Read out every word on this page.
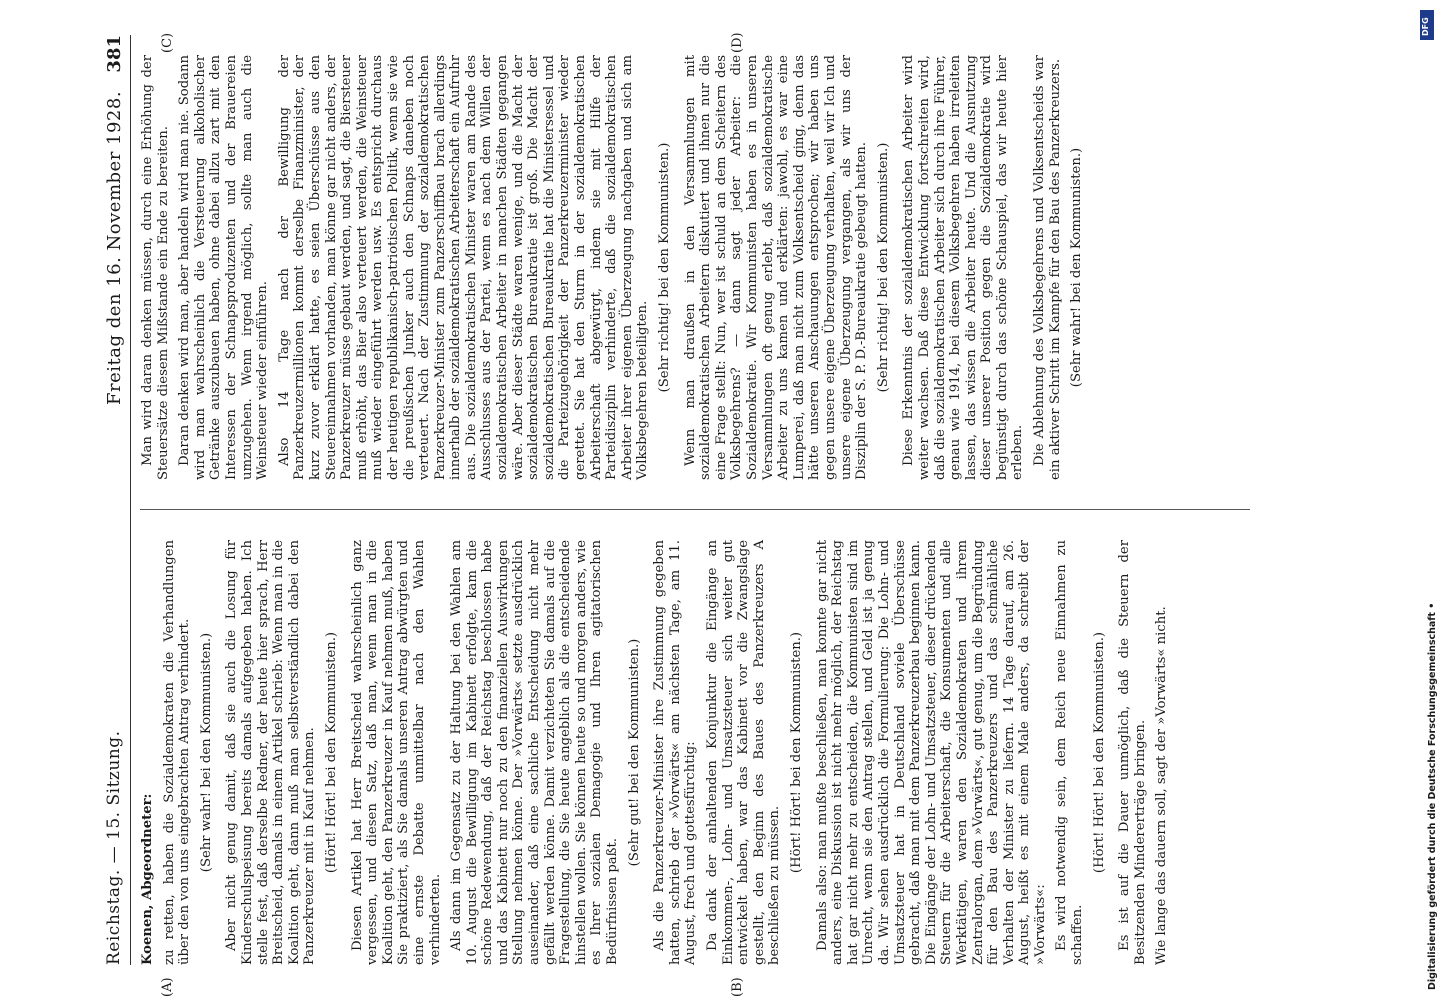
Reichstag. — 15. Sitzung.
Freitag den 16. November 1928.
381
(A)	(B)
(C)	(D)

Koenen, Abgeordneter: zu retten, haben die Sozialdemokraten die Verhandlungen über den von uns eingebrachten Antrag verhindert. (Sehr wahr! bei den Kommunisten.) Aber nicht genug damit, daß sie auch die Losung für Kinderschulspeisung bereits damals aufgegeben haben. Ich stelle fest, daß derselbe Redner, der heute hier sprach, Herr Breitscheid, damals in einem Artikel schrieb: Wenn man in die Koalition geht, dann muß man selbstverständlich dabei den Panzerkreuzer mit in Kauf nehmen. (Hört! Hört! bei den Kommunisten.) Diesen Artikel hat Herr Breitscheid wahrscheinlich ganz vergessen, und diesen Satz, daß man, wenn man in die Koalition geht, den Panzerkreuzer in Kauf nehmen muß, haben Sie praktiziert, als Sie damals unseren Antrag abwürgten und eine ernste Debatte unmittelbar nach den Wahlen verhinderten. Als dann im Gegensatz zu der Haltung bei den Wahlen am 10. August die Bewilligung im Kabinett erfolgte, kam die schöne Redewendung, daß der Reichstag beschlossen habe und das Kabinett nur noch zu den finanziellen Auswirkungen Stellung nehmen könne. Der »Vorwärts« setzte ausdrücklich auseinander, daß eine sachliche Entscheidung nicht mehr gefällt werden könne. Damit verzichteten Sie damals auf die Fragestellung, die Sie heute angeblich als die entscheidende hinstellen wollen. Sie können heute so und morgen anders, wie es Ihrer sozialen Demagogie und Ihren agitatorischen Bedürfnissen paßt.

(Sehr gut! bei den Kommunisten.) Als die Panzerkreuzer-Minister ihre Zustimmung gegeben hatten, schrieb der »Vorwärts« am nächsten Tage, am 11. August, frech und gottesfürchtig: Da dank der anhaltenden Konjunktur die Eingänge an Einkommen-, Lohn- und Umsatzsteuer sich weiter gut entwickelt haben, war das Kabinett vor die Zwangslage gestellt, den Beginn des Baues des Panzerkreuzers A beschließen zu müssen.

(Hört! Hört! bei den Kommunisten.) Damals also: man mußte beschließen, man konnte gar nicht anders, eine Diskussion ist nicht mehr möglich, der Reichstag hat gar nicht mehr zu entscheiden, die Kommunisten sind im Unrecht, wenn sie den Antrag stellen, und Geld ist ja genug da. Wir sehen ausdrücklich die Formulierung: Die Lohn- und Umsatzsteuer hat in Deutschland soviele Überschüsse gebracht, daß man mit dem Panzerkreuzerbau beginnen kann. Die Eingänge der Lohn- und Umsatzsteuer, dieser drückenden Steuern für die Arbeiterschaft, die Konsumenten und alle Werktätigen, waren den Sozialdemokraten und ihrem Zentralorgan, dem »Vorwärts«, gut genug, um die Begründung für den Bau des Panzerkreuzers und das schmähliche Verhalten der Minister zu liefern. 14 Tage darauf, am 26. August, heißt es mit einem Male anders, da schreibt der »Vorwärts«: Es wird notwendig sein, dem Reich neue Einnahmen zu schaffen.

(Hört! Hört! bei den Kommunisten.) Es ist auf die Dauer unmöglich, daß die Steuern der Besitzenden Mindererträge bringen. Wie lange das dauern soll, sagt der »Vorwärts« nicht.

Man wird daran denken müssen, durch eine Erhöhung der Steuersätze diesem Mißstande ein Ende zu bereiten. Daran denken wird man, aber handeln wird man nie. Sodann wird man wahrscheinlich die Versteuerung alkoholischer Getränke auszubauen haben, ohne dabei allzu zart mit den Interessen der Schnapsproduzenten und der Brauereien umzugehen. Wenn irgend möglich, sollte man auch die Weinsteuer wieder einführen. Also 14 Tage nach der Bewilligung der Panzerkreuzermillionen kommt derselbe Finanzminister, der kurz zuvor erklärt hatte, es seien Überschüsse aus den Steuereinnahmen vorhanden, man könne gar nicht anders, der Panzerkreuzer müsse gebaut werden, und sagt, die Biersteuer muß erhöht, das Bier also verteuert werden, die Weinsteuer muß wieder eingeführt werden usw. Es entspricht durchaus der heutigen republikanisch-patriotischen Politik, wenn sie wie die preußischen Junker auch den Schnaps daneben noch verteuert. Nach der Zustimmung der sozialdemokratischen Panzerkreuzer-Minister zum Panzerschiffbau brach allerdings innerhalb der sozialdemokratischen Arbeiterschaft ein Aufruhr aus. Die sozialdemokratischen Minister waren am Rande des Ausschlusses aus der Partei, wenn es nach dem Willen der sozialdemokratischen Arbeiter in manchen Städten gegangen wäre. Aber dieser Städte waren wenige, und die Macht der sozialdemokratischen Bureaukratie ist groß. Die Macht der sozialdemokratischen Bureaukratie hat die Ministersessel und die Parteizugehörigkeit der Panzerkreuzerminister wieder gerettet. Sie hat den Sturm in der sozialdemokratischen Arbeiterschaft abgewürgt, indem sie mit Hilfe der Parteidisziplin verhinderte, daß die sozialdemokratischen Arbeiter ihrer eigenen Überzeugung nachgaben und sich am Volksbegehren beteiligten. (Sehr richtig! bei den Kommunisten.) Wenn man draußen in den Versammlungen mit sozialdemokratischen Arbeitern diskutiert und ihnen nur die eine Frage stellt: Nun, wer ist schuld an dem Scheitern des Volksbegehrens? — dann sagt jeder Arbeiter: die Sozialdemokratie. Wir Kommunisten haben es in unseren Versammlungen oft genug erlebt, daß sozialdemokratische Arbeiter zu uns kamen und erklärten: jawohl, es war eine Lumperei, daß man nicht zum Volksentscheid ging, denn das hätte unseren Anschauungen entsprochen; wir haben uns gegen unsere eigene Überzeugung verhalten, weil wir Ich und unsere eigene Überzeugung vergangen, als wir uns der Disziplin der S. P. D.-Bureaukratie gebeugt hatten. (Sehr richtig! bei den Kommunisten.) Diese Erkenntnis der sozialdemokratischen Arbeiter wird weiter wachsen. Daß diese Entwicklung fortschreiten wird, daß die sozialdemokratischen Arbeiter sich durch ihre Führer, genau wie 1914, bei diesem Volksbegehren haben irreleiten lassen, das wissen die Arbeiter heute. Und die Ausnutzung dieser unserer Position gegen die Sozialdemokratie wird begünstigt durch das schöne Schauspiel, das wir heute hier erleben. Die Ablehnung des Volksbegehrens und Volksentscheids war ein aktiver Schritt im Kampfe für den Bau des Panzerkreuzers. (Sehr wahr! bei den Kommunisten.)

DFG
Digitalisierung gefördert durch die Deutsche Forschungsgemeinschaft •
